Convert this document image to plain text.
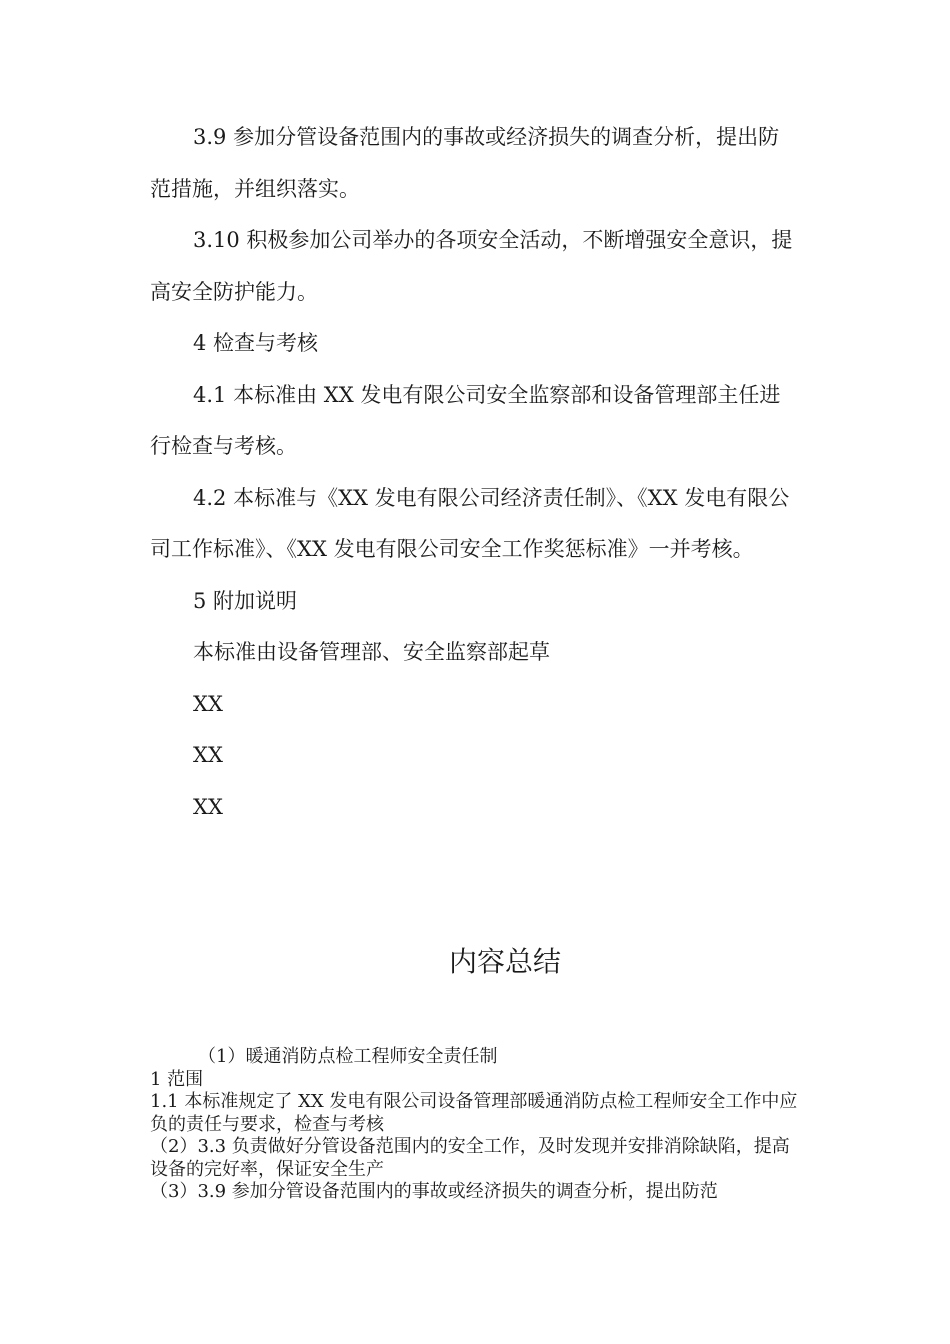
3.9 参加分管设备范围内的事故或经济损失的调查分析，提出防范措施，并组织落实。

3.10 积极参加公司举办的各项安全活动，不断增强安全意识，提高安全防护能力。

4 检查与考核

4.1 本标准由 XX 发电有限公司安全监察部和设备管理部主任进行检查与考核。

4.2 本标准与《XX 发电有限公司经济责任制》、《XX 发电有限公司工作标准》、《XX 发电有限公司安全工作奖惩标准》一并考核。

5 附加说明

本标准由设备管理部、安全监察部起草

XX

XX

XX

内容总结

（1）暖通消防点检工程师安全责任制

1 范围

1.1 本标准规定了 XX 发电有限公司设备管理部暖通消防点检工程师安全工作中应负的责任与要求，检查与考核

（2）3.3 负责做好分管设备范围内的安全工作，及时发现并安排消除缺陷，提高设备的完好率，保证安全生产

（3）3.9 参加分管设备范围内的事故或经济损失的调查分析，提出防范
